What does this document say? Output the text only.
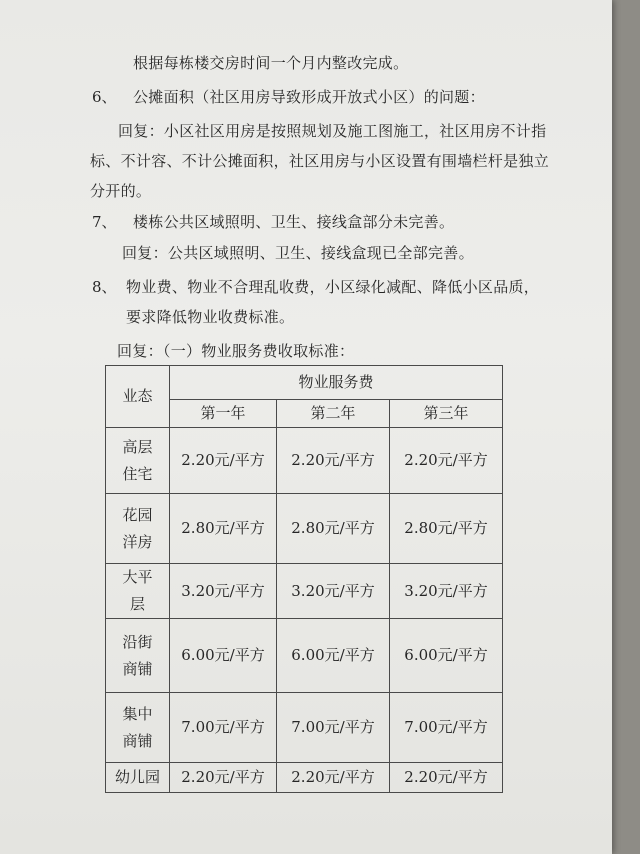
根据每栋楼交房时间一个月内整改完成。
6、 公摊面积（社区用房导致形成开放式小区）的问题：
回复：小区社区用房是按照规划及施工图施工，社区用房不计指
标、不计容、不计公摊面积，社区用房与小区设置有围墙栏杆是独立
分开的。
7、 楼栋公共区域照明、卫生、接线盒部分未完善。
回复：公共区域照明、卫生、接线盒现已全部完善。
8、 物业费、物业不合理乱收费，小区绿化减配、降低小区品质，
要求降低物业收费标准。
回复：（一）物业服务费收取标准：
业态	物业服务费		
	第一年	第二年	第三年
高层住宅	2.20元/平方	2.20元/平方	2.20元/平方
花园洋房	2.80元/平方	2.80元/平方	2.80元/平方
大平层	3.20元/平方	3.20元/平方	3.20元/平方
沿街商铺	6.00元/平方	6.00元/平方	6.00元/平方
集中商铺	7.00元/平方	7.00元/平方	7.00元/平方
幼儿园	2.20元/平方	2.20元/平方	2.20元/平方
